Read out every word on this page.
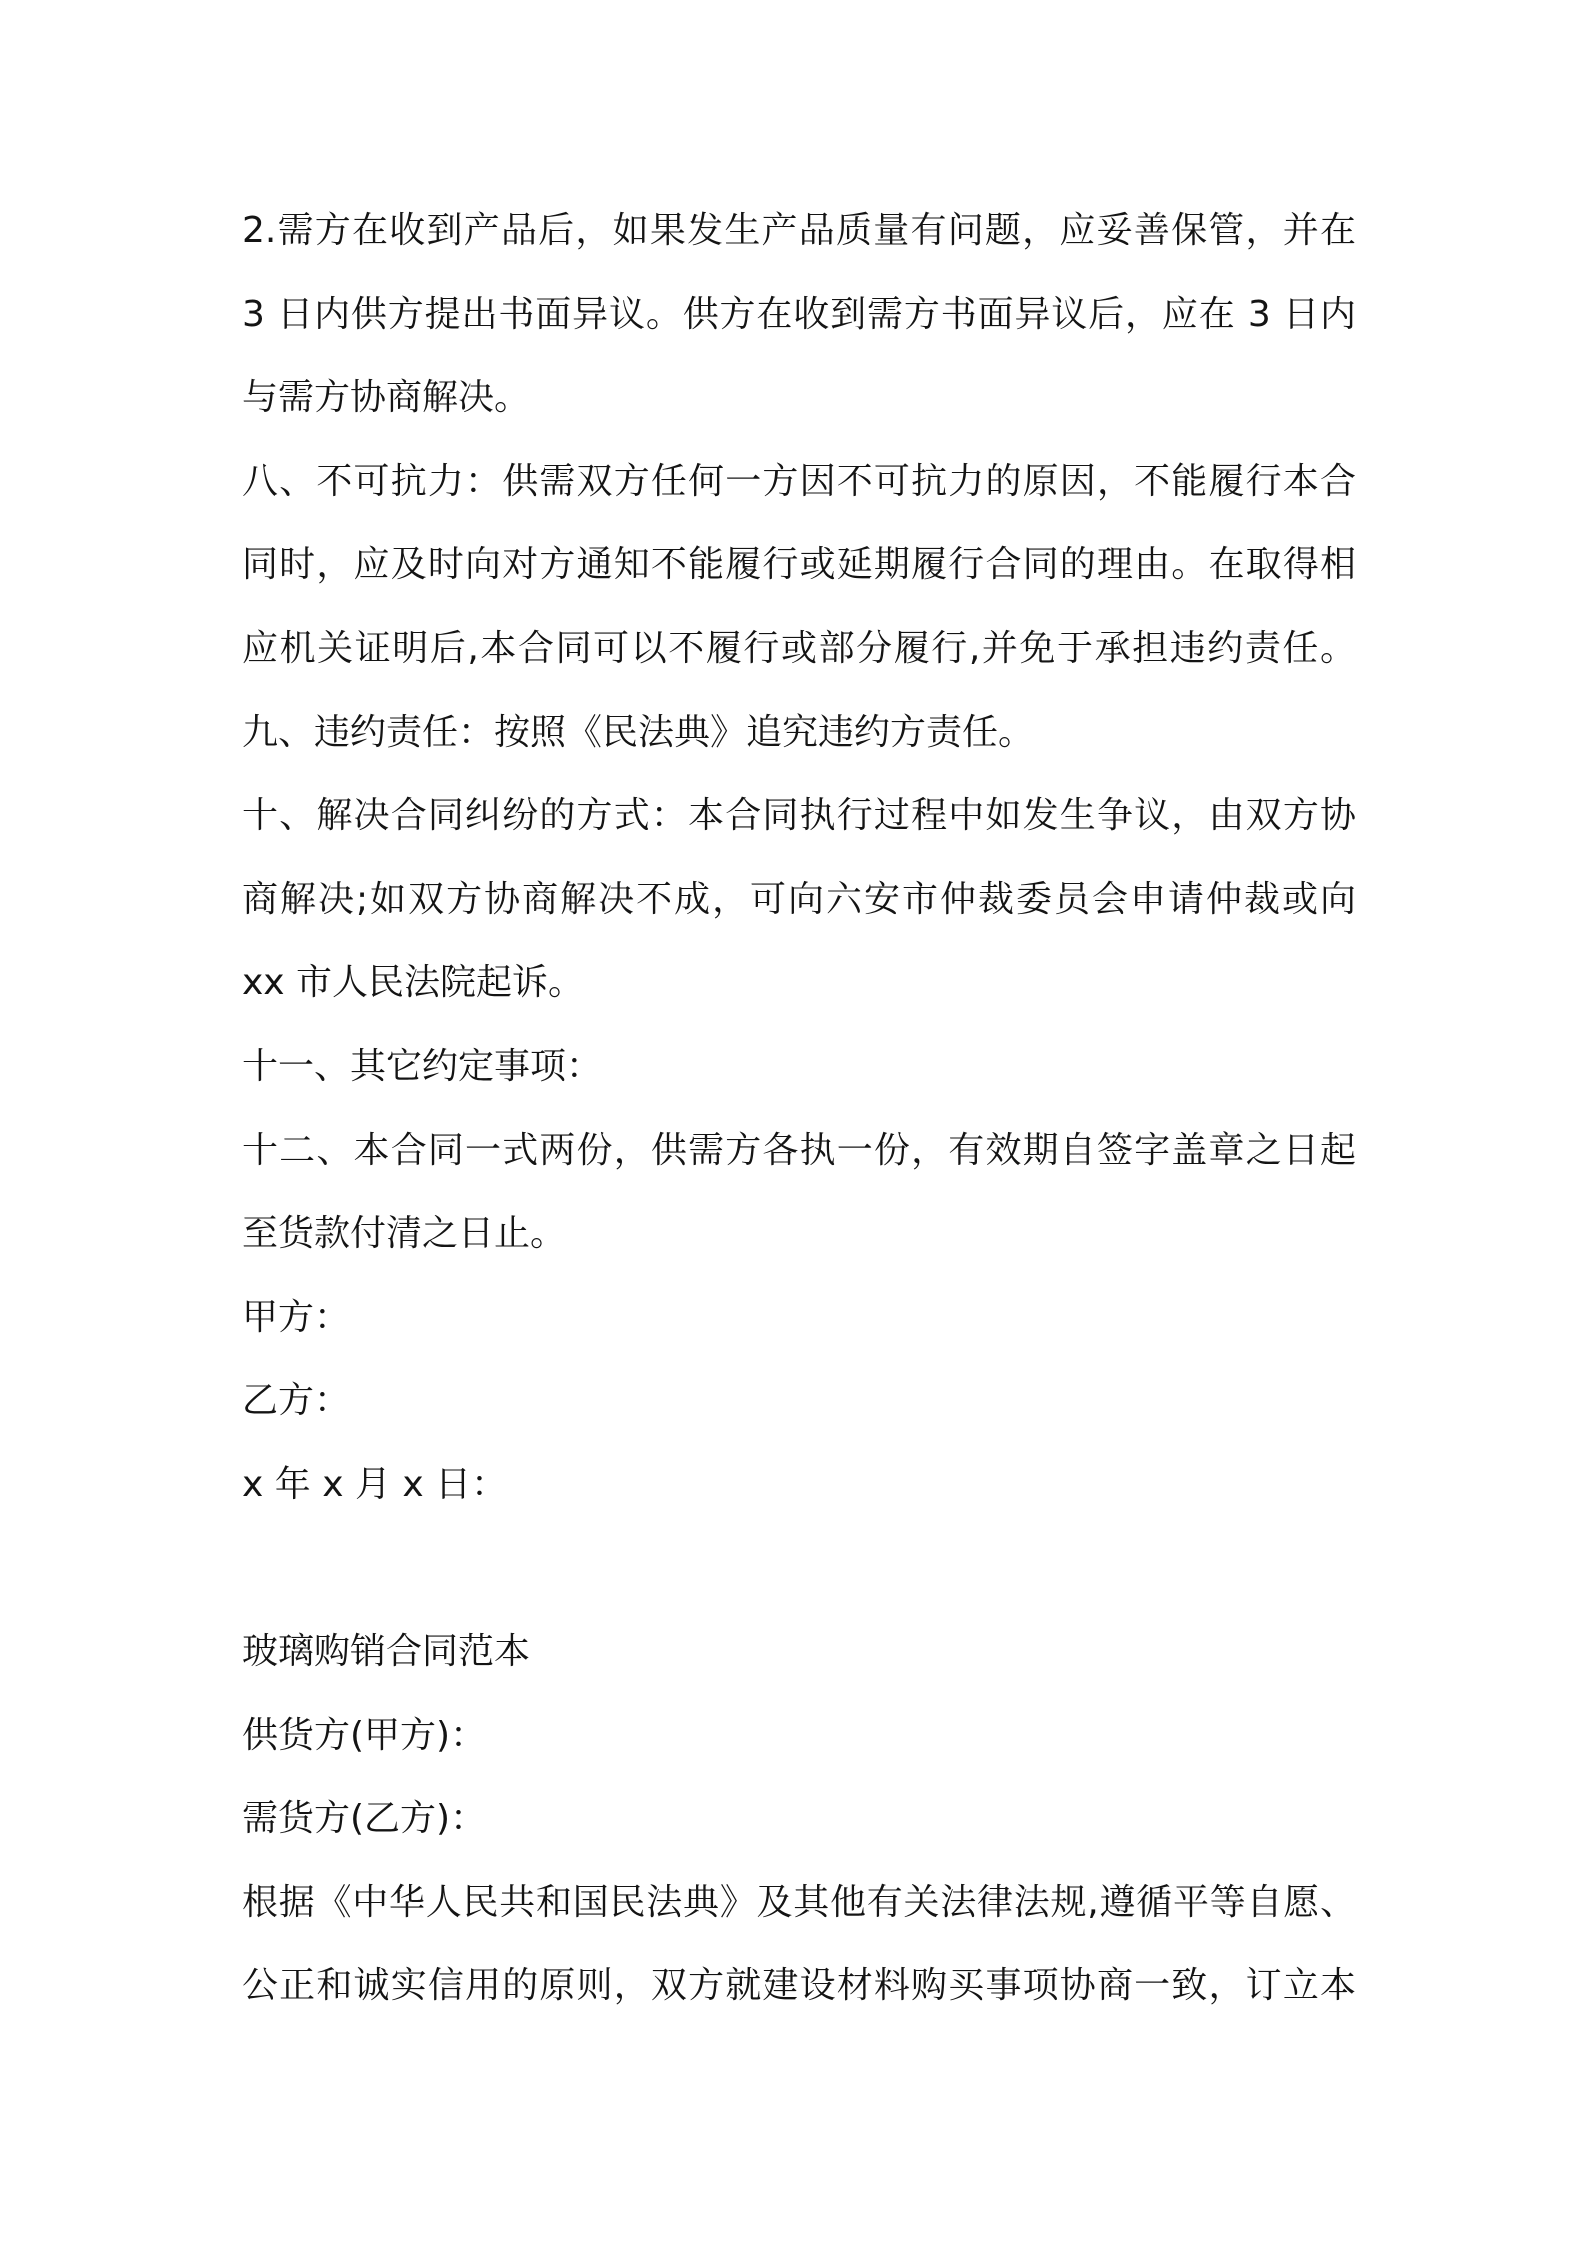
2.需方在收到产品后，如果发生产品质量有问题，应妥善保管，并在
3 日内供方提出书面异议。供方在收到需方书面异议后，应在 3 日内
与需方协商解决。
八、不可抗力：供需双方任何一方因不可抗力的原因，不能履行本合
同时，应及时向对方通知不能履行或延期履行合同的理由。在取得相
应机关证明后,本合同可以不履行或部分履行,并免于承担违约责任。
九、违约责任：按照《民法典》追究违约方责任。
十、解决合同纠纷的方式：本合同执行过程中如发生争议，由双方协
商解决;如双方协商解决不成，可向六安市仲裁委员会申请仲裁或向
xx 市人民法院起诉。
十一、其它约定事项：
十二、本合同一式两份，供需方各执一份，有效期自签字盖章之日起
至货款付清之日止。
甲方：
乙方：
x 年 x 月 x 日：
玻璃购销合同范本
供货方(甲方)：
需货方(乙方)：
根据《中华人民共和国民法典》及其他有关法律法规,遵循平等自愿、
公正和诚实信用的原则，双方就建设材料购买事项协商一致，订立本
